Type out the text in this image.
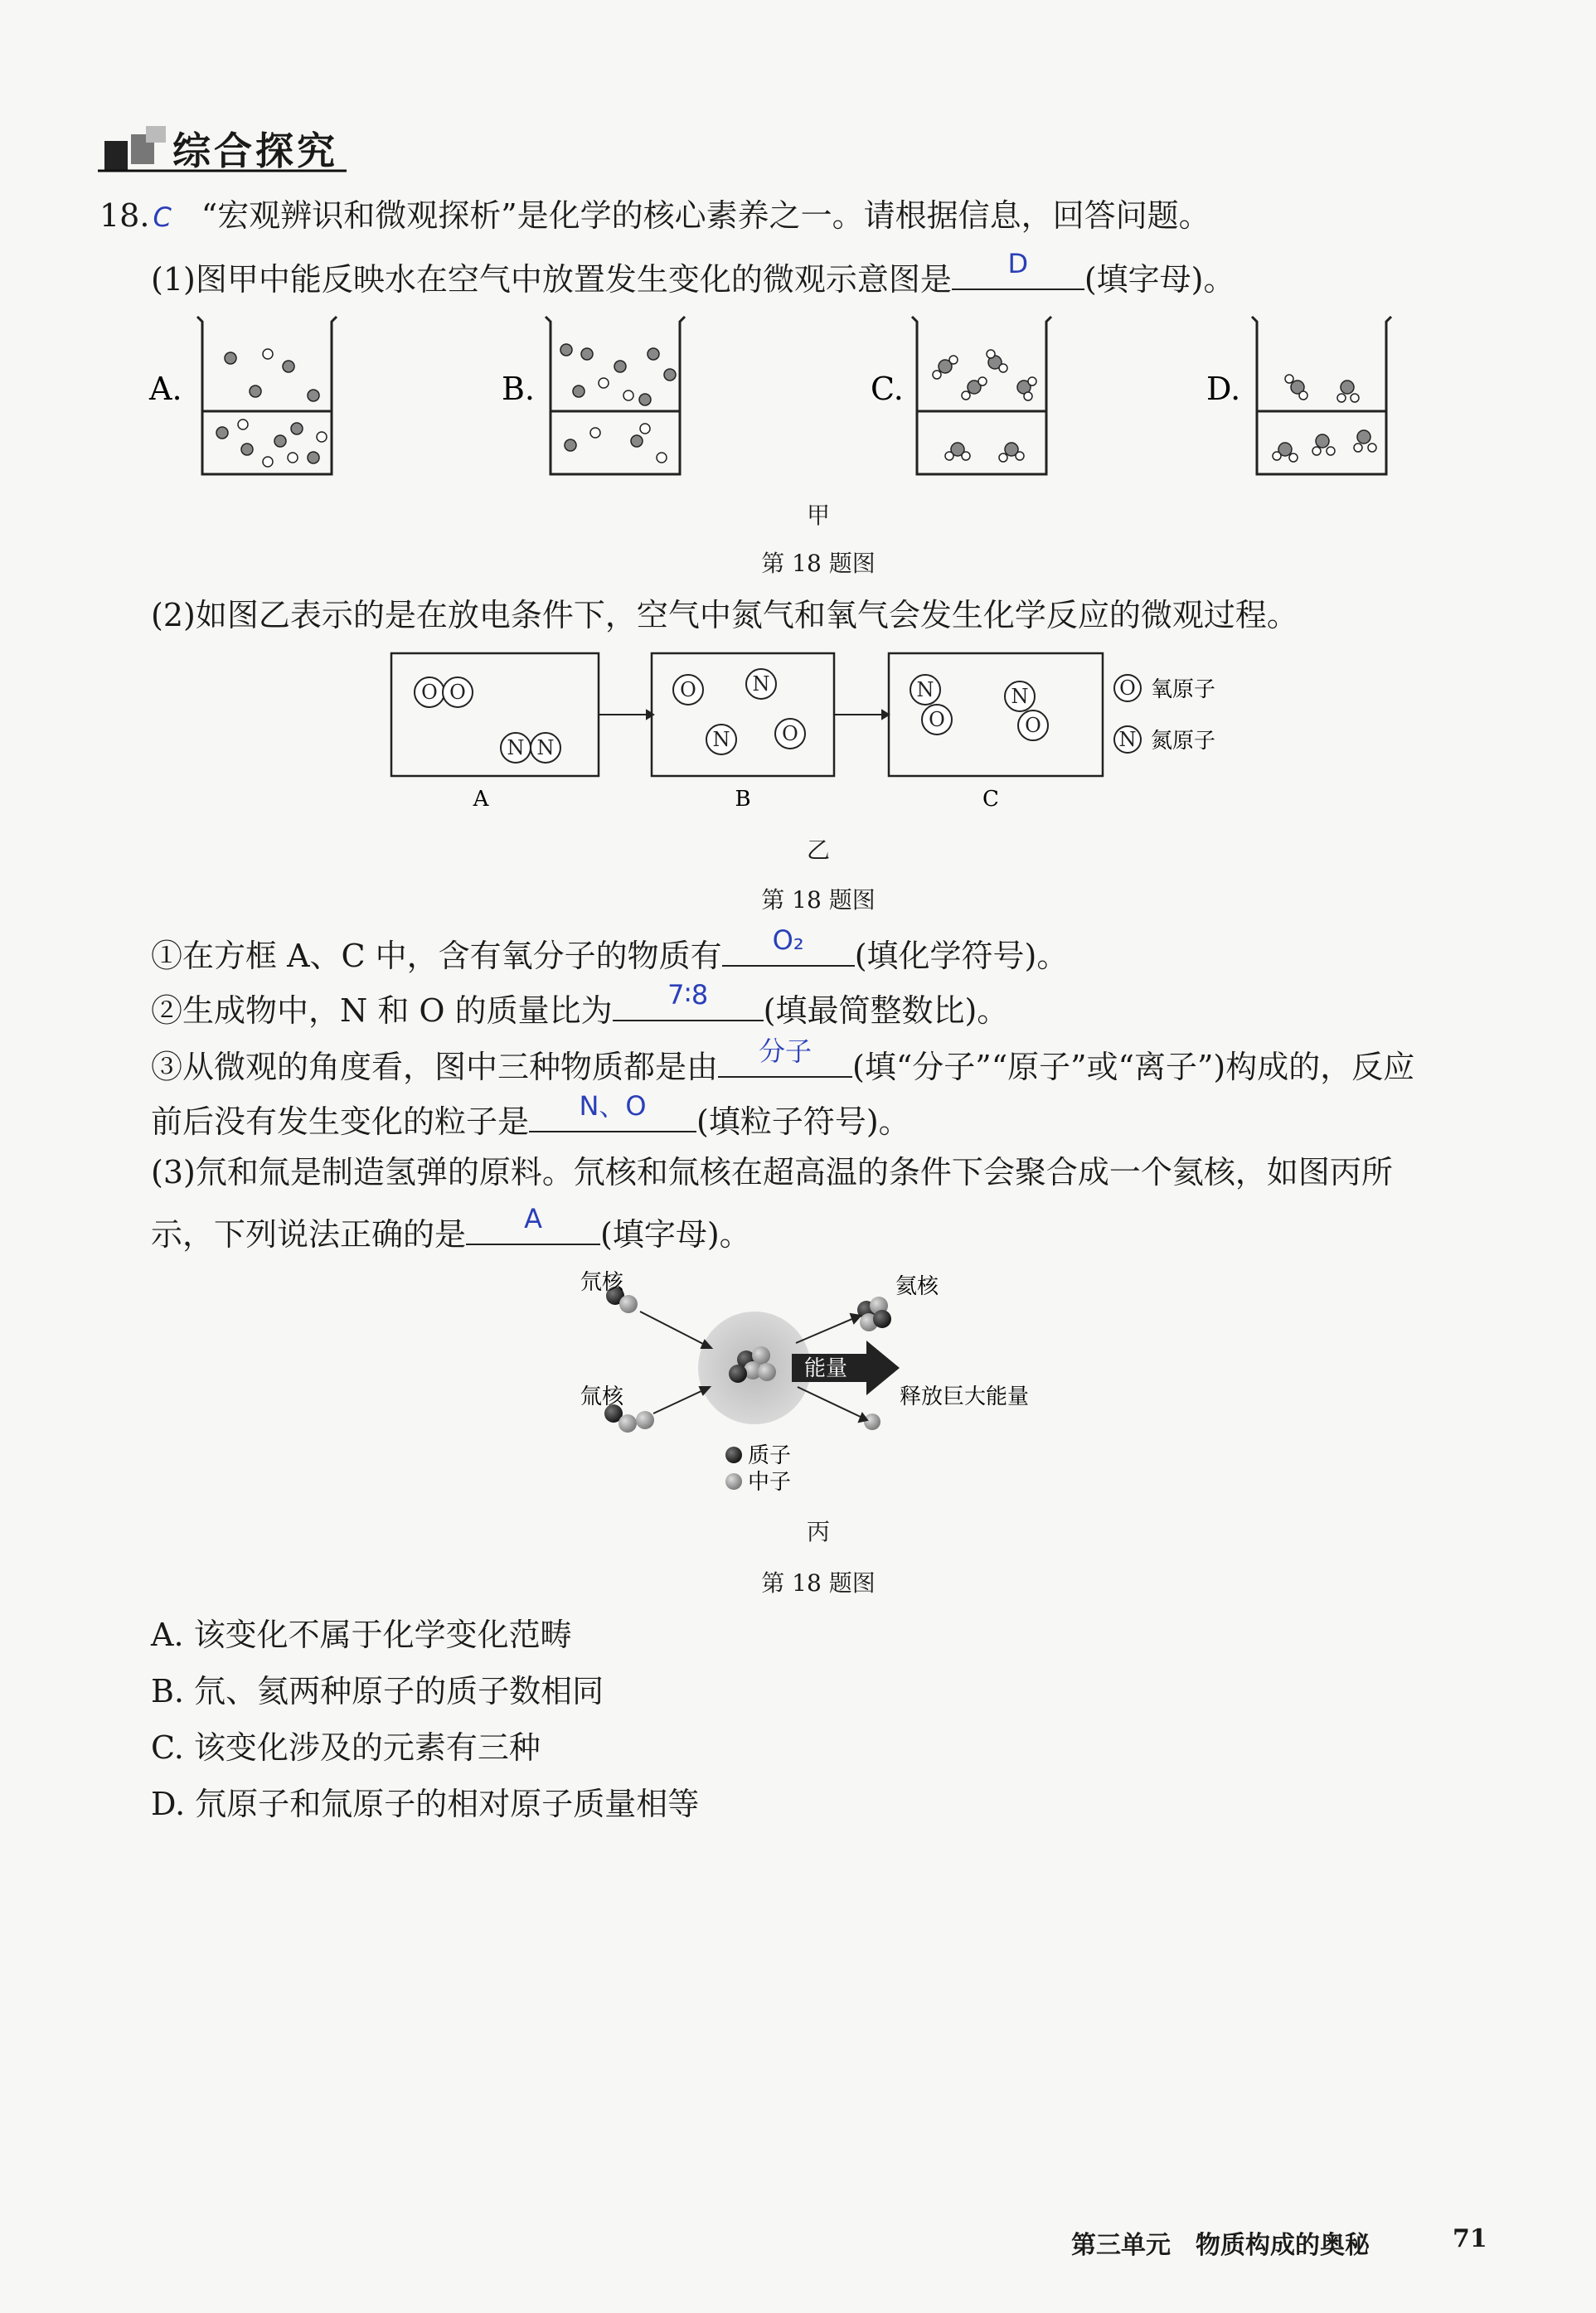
综合探究
18. C “宏观辨识和微观探析”是化学的核心素养之一。请根据信息，回答问题。
(1)图甲中能反映水在空气中放置发生变化的微观示意图是	D	(填字母)。
A.	B.	C.	D.
甲
第 18 题图
(2)如图乙表示的是在放电条件下，空气中氮气和氧气会发生化学反应的微观过程。
O O
N N
O	N
N	O
N
O
N
O
O
N
氧原子
氮原子
A	B	C
乙
第 18 题图
①在方框 A、C 中，含有氧分子的物质有	O₂	(填化学符号)。
②生成物中，N 和 O 的质量比为	7∶8	(填最简整数比)。
③从微观的角度看，图中三种物质都是由	分子	(填“分子”“原子”或“离子”)构成的，反应
前后没有发生变化的粒子是	N、O	(填粒子符号)。
(3)氘和氚是制造氢弹的原料。氘核和氚核在超高温的条件下会聚合成一个氦核，如图丙所
示，下列说法正确的是	A	(填字母)。
能量
氘核
氚核
氦核
释放巨大能量
质子
中子
丙
第 18 题图
A. 该变化不属于化学变化范畴
B. 氘、氦两种原子的质子数相同
C. 该变化涉及的元素有三种
D. 氘原子和氚原子的相对原子质量相等
第三单元　物质构成的奥秘	71
